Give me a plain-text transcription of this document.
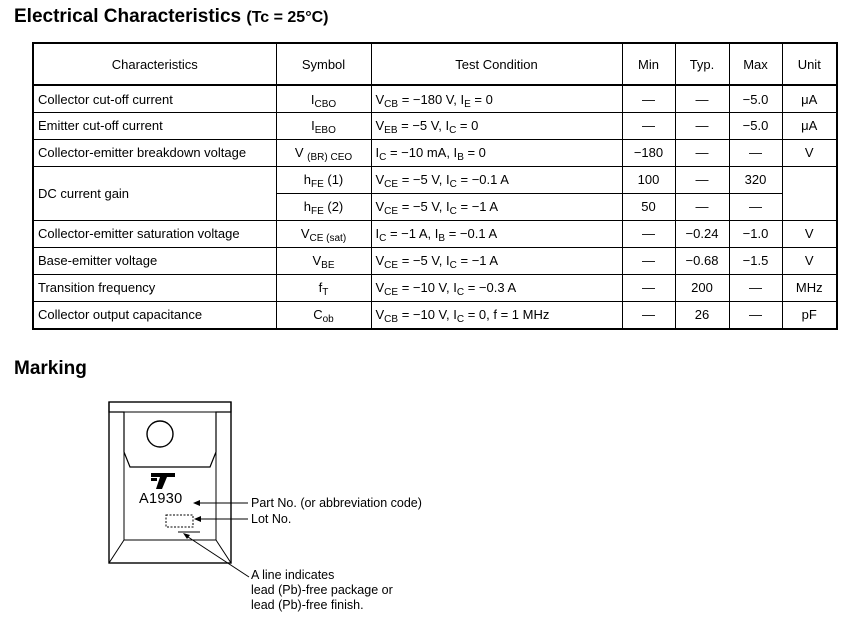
Electrical Characteristics (Tc = 25°C)
Characteristics	Symbol	Test Condition	Min	Typ.	Max	Unit
Collector cut-off current	$I_{CBO}$	$V_{CB} = -180$ V, $I_E = 0$	—	—	−5.0	μA
Emitter cut-off current	$I_{EBO}$	$V_{EB} = -5$ V, $I_C = 0$	—	—	−5.0	μA
Collector-emitter breakdown voltage	V $_{(BR) CEO}$	$I_C = -10$ mA, $I_B = 0$	−180	—	—	V
DC current gain	$h_{FE}$ (1)	$V_{CE} = -5$ V, $I_C = -0.1$ A	100	—	320	
	$h_{FE}$ (2)	$V_{CE} = -5$ V, $I_C = -1$ A	50	—	—	
Collector-emitter saturation voltage	$V_{CE (sat)}$	$I_C = -1$ A, $I_B = -0.1$ A	—	−0.24	−1.0	V
Base-emitter voltage	$V_{BE}$	$V_{CE} = -5$ V, $I_C = -1$ A	—	−0.68	−1.5	V
Transition frequency	$f_T$	$V_{CE} = -10$ V, $I_C = -0.3$ A	—	200	—	MHz
Collector output capacitance	$C_{ob}$	$V_{CB} = -10$ V, $I_C = 0$, f = 1 MHz	—	26	—	pF
Marking
A1930	Part No. (or abbreviation code)
Lot No.
A line indicates
lead (Pb)-free package or
lead (Pb)-free finish.
